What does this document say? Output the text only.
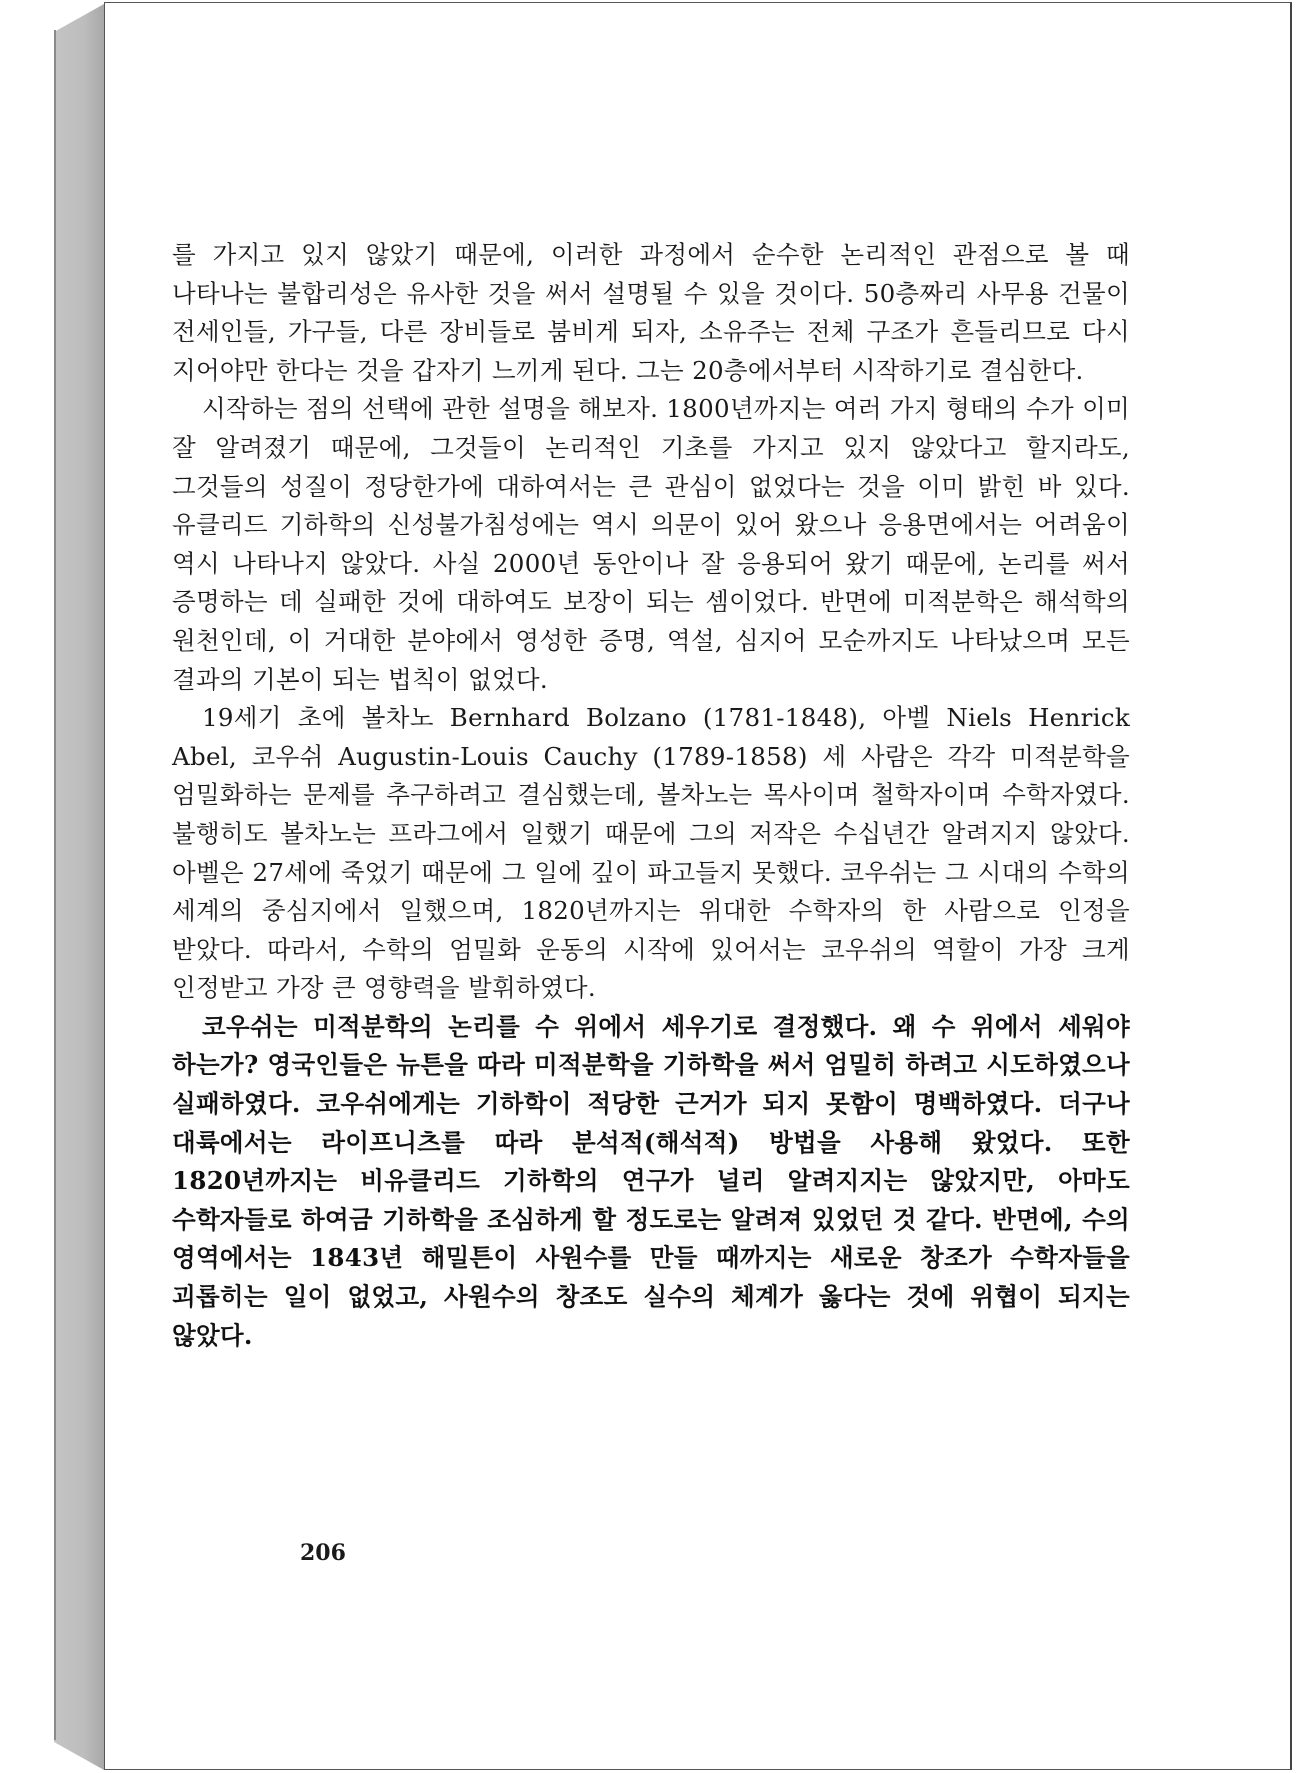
를 가지고 있지 않았기 때문에, 이러한 과정에서 순수한 논리적인 관점으로 볼 때 나타나는 불합리성은 유사한 것을 써서 설명될 수 있을 것이다. 50층짜리 사무용 건물이 전세인들, 가구들, 다른 장비들로 붐비게 되자, 소유주는 전체 구조가 흔들리므로 다시 지어야만 한다는 것을 갑자기 느끼게 된다. 그는 20층에서부터 시작하기로 결심한다.

시작하는 점의 선택에 관한 설명을 해보자. 1800년까지는 여러 가지 형태의 수가 이미 잘 알려졌기 때문에, 그것들이 논리적인 기초를 가지고 있지 않았다고 할지라도, 그것들의 성질이 정당한가에 대하여서는 큰 관심이 없었다는 것을 이미 밝힌 바 있다. 유클리드 기하학의 신성불가침성에는 역시 의문이 있어 왔으나 응용면에서는 어려움이 역시 나타나지 않았다. 사실 2000년 동안이나 잘 응용되어 왔기 때문에, 논리를 써서 증명하는 데 실패한 것에 대하여도 보장이 되는 셈이었다. 반면에 미적분학은 해석학의 원천인데, 이 거대한 분야에서 영성한 증명, 역설, 심지어 모순까지도 나타났으며 모든 결과의 기본이 되는 법칙이 없었다.

19세기 초에 볼차노 Bernhard Bolzano (1781-1848), 아벨 Niels Henrick Abel, 코우쉬 Augustin-Louis Cauchy (1789-1858) 세 사람은 각각 미적분학을 엄밀화하는 문제를 추구하려고 결심했는데, 볼차노는 목사이며 철학자이며 수학자였다. 불행히도 볼차노는 프라그에서 일했기 때문에 그의 저작은 수십년간 알려지지 않았다. 아벨은 27세에 죽었기 때문에 그 일에 깊이 파고들지 못했다. 코우쉬는 그 시대의 수학의 세계의 중심지에서 일했으며, 1820년까지는 위대한 수학자의 한 사람으로 인정을 받았다. 따라서, 수학의 엄밀화 운동의 시작에 있어서는 코우쉬의 역할이 가장 크게 인정받고 가장 큰 영향력을 발휘하였다.

코우쉬는 미적분학의 논리를 수 위에서 세우기로 결정했다. 왜 수 위에서 세워야 하는가? 영국인들은 뉴튼을 따라 미적분학을 기하학을 써서 엄밀히 하려고 시도하였으나 실패하였다. 코우쉬에게는 기하학이 적당한 근거가 되지 못함이 명백하였다. 더구나 대륙에서는 라이프니츠를 따라 분석적(해석적) 방법을 사용해 왔었다. 또한 1820년까지는 비유클리드 기하학의 연구가 널리 알려지지는 않았지만, 아마도 수학자들로 하여금 기하학을 조심하게 할 정도로는 알려져 있었던 것 같다. 반면에, 수의 영역에서는 1843년 해밀튼이 사원수를 만들 때까지는 새로운 창조가 수학자들을 괴롭히는 일이 없었고, 사원수의 창조도 실수의 체계가 옳다는 것에 위협이 되지는 않았다.

206
